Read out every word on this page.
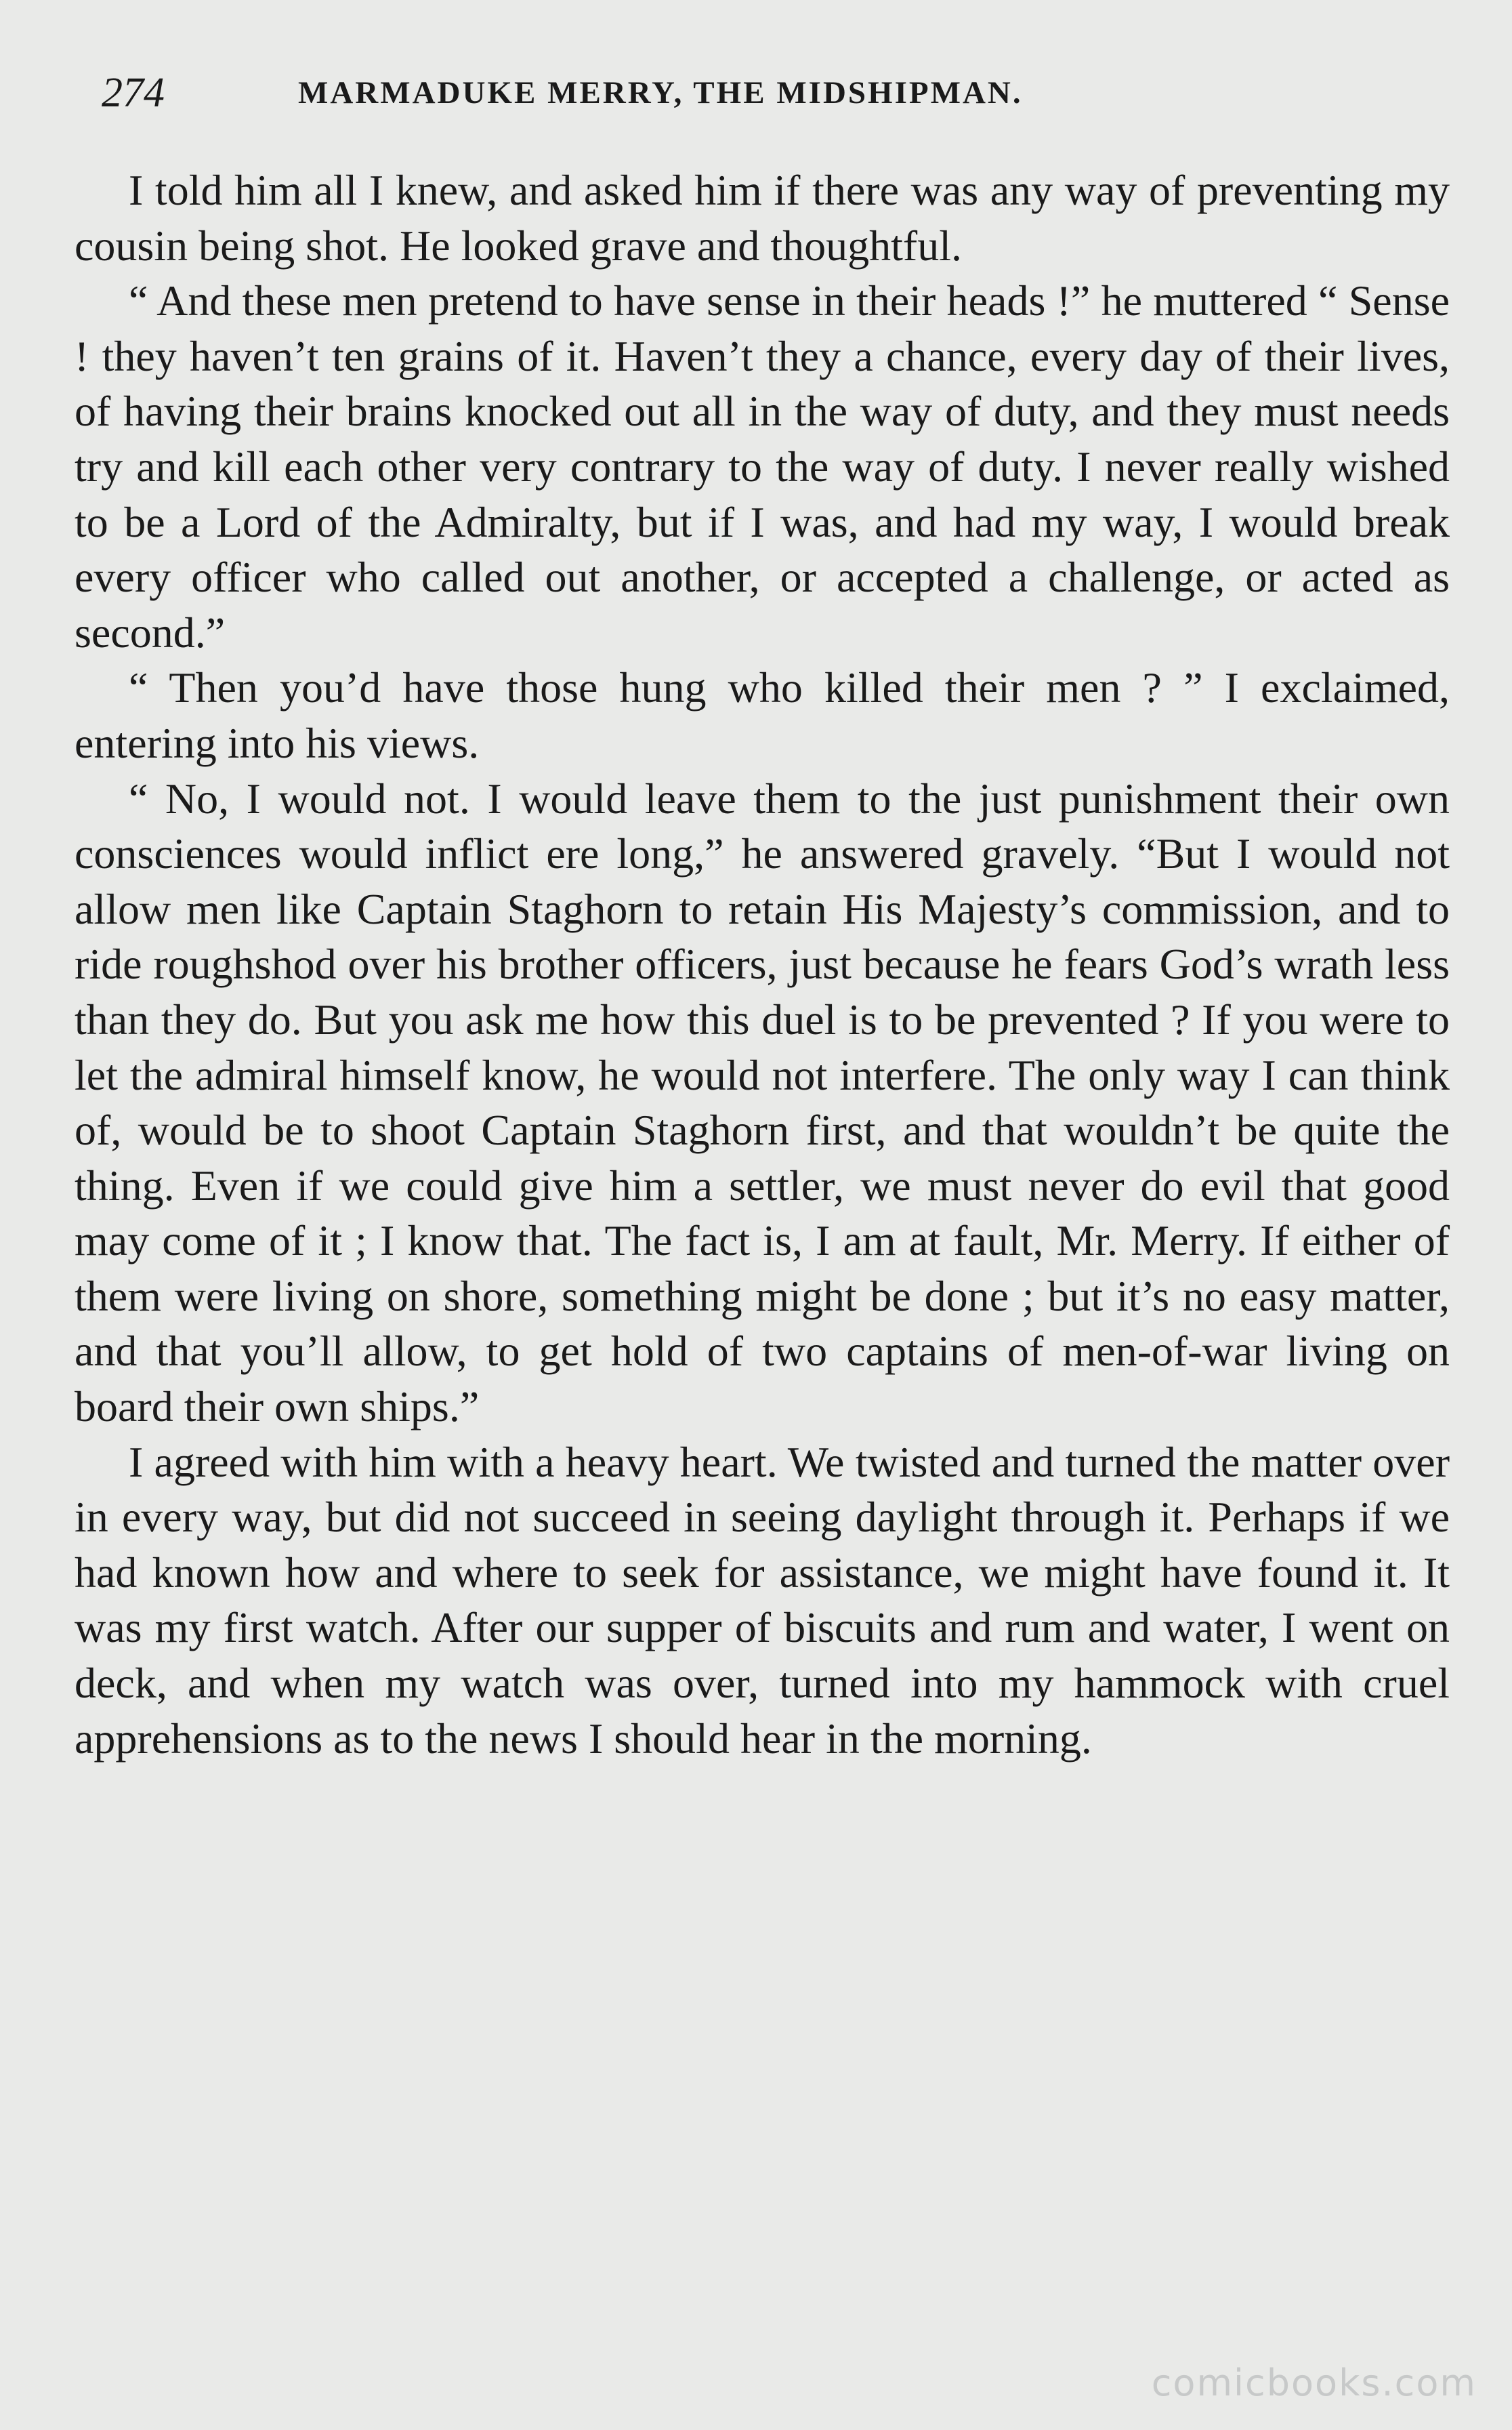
274	MARMADUKE MERRY, THE MIDSHIPMAN.

I told him all I knew, and asked him if there was any way of preventing my cousin being shot. He looked grave and thoughtful.

“ And these men pretend to have sense in their heads !” he muttered “ Sense ! they haven’t ten grains of it. Haven’t they a chance, every day of their lives, of having their brains knocked out all in the way of duty, and they must needs try and kill each other very contrary to the way of duty. I never really wished to be a Lord of the Admiralty, but if I was, and had my way, I would break every officer who called out another, or accepted a challenge, or acted as second.”

“ Then you’d have those hung who killed their men ? ” I exclaimed, entering into his views.

“ No, I would not. I would leave them to the just punishment their own consciences would inflict ere long,” he answered gravely. “But I would not allow men like Captain Staghorn to retain His Majesty’s commission, and to ride roughshod over his brother officers, just because he fears God’s wrath less than they do. But you ask me how this duel is to be prevented ? If you were to let the admiral himself know, he would not interfere. The only way I can think of, would be to shoot Captain Staghorn first, and that wouldn’t be quite the thing. Even if we could give him a settler, we must never do evil that good may come of it ; I know that. The fact is, I am at fault, Mr. Merry. If either of them were living on shore, something might be done ; but it’s no easy matter, and that you’ll allow, to get hold of two captains of men-of-war living on board their own ships.”

I agreed with him with a heavy heart. We twisted and turned the matter over in every way, but did not succeed in seeing daylight through it. Perhaps if we had known how and where to seek for assistance, we might have found it. It was my first watch. After our supper of biscuits and rum and water, I went on deck, and when my watch was over, turned into my hammock with cruel apprehensions as to the news I should hear in the morning.

comicbooks.com
